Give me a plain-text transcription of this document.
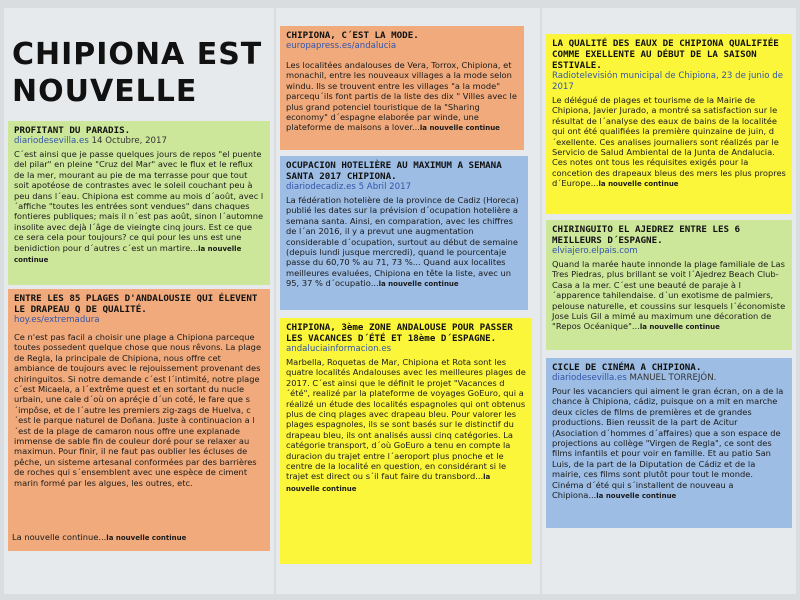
CHIPIONA EST NOUVELLE
PROFITANT DU PARADIS.
diariodesevilla.es 14 Octubre, 2017
C´est ainsi que je passe quelques jours de repos "el puente del pilar" en pleine "Cruz del Mar" avec le flux et le reflux de la mer, mourant au pie de ma terrasse pour que tout soit apotéose de contrastes avec le soleil couchant peu à peu dans l´eau. Chipiona est comme au mois d´août, avec l´affiche "toutes les entrées sont vendues" dans chaques fontieres publiques; mais il n´est pas août, sinon l´automne insolite avec dejà l´âge de vieingte cinq jours. Est ce que ce sera cela pour toujours? ce qui pour les uns est une benidiction pour d´autres c´est un martire...la nouvelle continue
ENTRE LES 85 PLAGES D'ANDALOUSIE QUI ÉLEVENT LE DRAPEAU Q DE QUALITÉ.
hoy.es/extremadura
Ce n'est pas facil a choisir une plage a Chipiona parceque toutes possedent quelque chose que nous rêvons. La plage de Regla, la principale de Chipiona, nous offre cet ambiance de toujours avec le rejouissement provenant des chiringuitos. Si notre demande c´est l´intimité, notre plage c´est Micaela, a l´extrême quest et en sortant du nucle urbain, une cale d´où on apréçie d´un coté, le fare que s´impôse, et de l´autre les premiers zig-zags de Huelva, c´est le parque naturel de Doñana. Juste à continuacion a l´est de la plage de camaron nous offre une explanade immense de sable fin de couleur doré pour se relaxer au maximun. Pour finir, il ne faut pas oublier les écluses de pêche, un sisteme artesanal conformées par des barrières de roches qui s´ensemblent avec une espèce de ciment marin formé par les algues, les outres, etc.
La nouvelle continue...la nouvelle continue
CHIPIONA, C´EST LA MODE.
europapress.es/andalucia
Les localitées andalouses de Vera, Torrox, Chipiona, et monachil, entre les nouveaux villages a la mode selon windu. Ils se trouvent entre les villages "a la mode" parcequ´ils font partis de la liste des dix " Villes avec le plus grand potenciel touristique de la "Sharing economy" d´espagne elaborée par winde, une plateforme de maisons a lover...la nouvelle continue
OCUPACION HOTELIÈRE AU MAXIMUM A SEMANA SANTA 2017 CHIPIONA.
diariodecadiz.es 5 Abril 2017
La fédération hotelière de la province de Cadiz (Horeca) publié les dates sur la prévision d´ocupation hotelière a semana santa. Ainsi, en comparation, avec les chiffres de l´an 2016, il y a prevut une augmentation considerable d´ocupation, surtout au début de semaine (depuis lundi jusque mercredi), quand le pourcentaje passe du 60,70 % au 71, 73 %... Quand aux localites meilleures evaluées, Chipiona en tête la liste, avec un 95, 37 % d´ocupatio...la nouvelle continue
CHIPIONA, 3ème ZONE ANDALOUSE POUR PASSER LES VACANCES D´ÉTÉ ET 18ème D´ESPAGNE.
andaluciainformacion.es
Marbella, Roquetas de Mar, Chipiona et Rota sont les quatre localités Andalouses avec les meilleures plages de 2017. C´est ainsi que le définit le projet "Vacances d´été", realizé par la plateforme de voyages GoEuro, qui a réalizé un étude des localités espagnoles qui ont obtenus plus de cinq plages avec drapeau bleu. Pour valorer les plages espagnoles, ils se sont basés sur le distinctif du drapeau bleu, ils ont analisés aussi cinq catégories. La catégorie transport, d´où GoEuro a tenu en compte la duracion du trajet entre l´aeroport plus pnoche et le centre de la localité en question, en considérant si le trajet est direct ou s´il faut faire du transbord...la nouvelle continue
LA QUALITÉ DES EAUX DE CHIPIONA QUALIFIÉE COMME EXELLENTE AU DÉBUT DE LA SAISON ESTIVALE.
Radiotelevisión municipal de Chipiona, 23 de junio de 2017
Le délégué de plages et tourisme de la Mairie de Chipiona, Javier Jurado, a montré sa satisfaction sur le résultat de l´analyse des eaux de bains de la localitée qui ont été qualifiées la première quinzaine de juin, d´exellente. Ces analises journaliers sont réalizés par le Servicio de Salud Ambiental de la Junta de Andalucia. Ces notes ont tous les réquisites exigés pour la concetion des drapeaux bleus des mers les plus propres d´Europe...la nouvelle continue
CHIRINGUITO EL AJEDREZ ENTRE LES 6 MEILLEURS D´ESPAGNE.
elviajero.elpais.com
Quand la marée haute innonde la plage familiale de Las Tres Piedras, plus brillant se voit l´Ajedrez Beach Club-Casa a la mer. C´est une beauté de paraje à l´apparence tahilendaise. d´un exotisme de palmiers, pelouse naturelle, et coussins sur lesquels l´économiste Jose Luis Gil a mimé au maximum une décoration de "Repos Océanique"...la nouvelle continue
CICLE DE CINÉMA A CHIPIONA.
diariodesevilla.es MANUEL TORREJÓN.
Pour les vacanciers qui aiment le gran écran, on a de la chance à Chipiona, cádiz, puisque on a mit en marche deux cicles de films de premières et de grandes productions. Bien reussit de la part de Acitur (Asociation d´hommes d´affaires) que a son espace de projections au collège "Virgen de Regla", ce sont des films infantils et pour voir en famille. Et au patio San Luis, de la part de la Diputation de Cádiz et de la mairie, ces films sont plutôt pour tout le monde. Cinéma d´été qui s´installent de nouveau a Chipiona...la nouvelle continue
